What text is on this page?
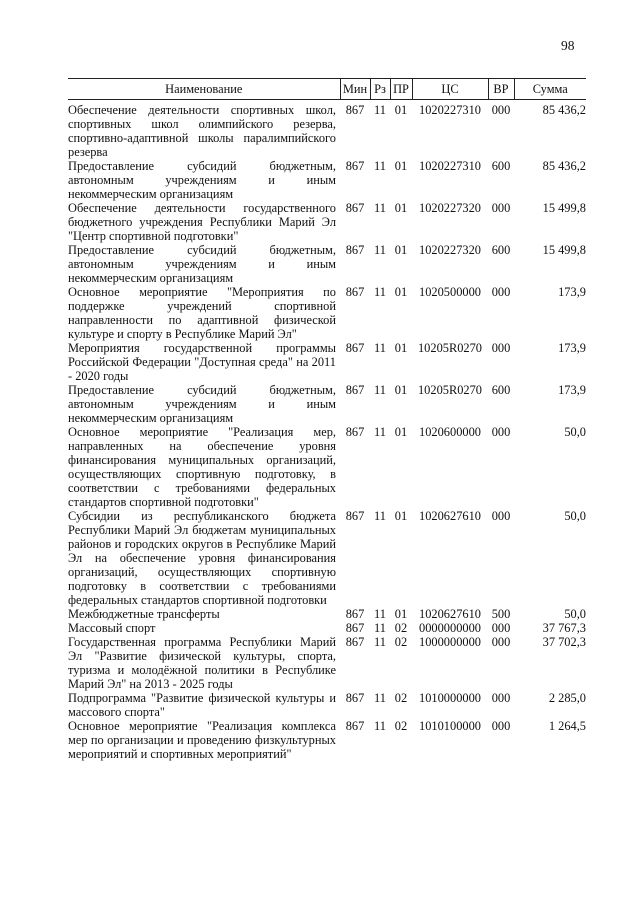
98
Наименование	Мин	Рз	ПР	ЦС	ВР	Сумма
Обеспечение деятельности спортивных школ, спортивных школ олимпийского резерва, спортивно-адаптивной школы паралимпийского резерва	867	11	01	1020227310	000	85 436,2
Предоставление субсидий бюджетным, автономным учреждениям и иным некоммерческим организациям	867	11	01	1020227310	600	85 436,2
Обеспечение деятельности государственного бюджетного учреждения Республики Марий Эл "Центр спортивной подготовки"	867	11	01	1020227320	000	15 499,8
Предоставление субсидий бюджетным, автономным учреждениям и иным некоммерческим организациям	867	11	01	1020227320	600	15 499,8
Основное мероприятие "Мероприятия по поддержке учреждений спортивной направленности по адаптивной физической культуре и спорту в Республике Марий Эл"	867	11	01	1020500000	000	173,9
Мероприятия государственной программы Российской Федерации "Доступная среда" на 2011 - 2020 годы	867	11	01	10205R0270	000	173,9
Предоставление субсидий бюджетным, автономным учреждениям и иным некоммерческим организациям	867	11	01	10205R0270	600	173,9
Основное мероприятие "Реализация мер, направленных на обеспечение уровня финансирования муниципальных организаций, осуществляющих спортивную подготовку, в соответствии с требованиями федеральных стандартов спортивной подготовки"	867	11	01	1020600000	000	50,0
Субсидии из республиканского бюджета Республики Марий Эл бюджетам муниципальных районов и городских округов в Республике Марий Эл на обеспечение уровня финансирования организаций, осуществляющих спортивную подготовку в соответствии с требованиями федеральных стандартов спортивной подготовки	867	11	01	1020627610	000	50,0
Межбюджетные трансферты	867	11	01	1020627610	500	50,0
Массовый спорт	867	11	02	0000000000	000	37 767,3
Государственная программа Республики Марий Эл "Развитие физической культуры, спорта, туризма и молодёжной политики в Республике Марий Эл" на 2013 - 2025 годы	867	11	02	1000000000	000	37 702,3
Подпрограмма "Развитие физической культуры и массового спорта"	867	11	02	1010000000	000	2 285,0
Основное мероприятие "Реализация комплекса мер по организации и проведению физкультурных мероприятий и спортивных мероприятий"	867	11	02	1010100000	000	1 264,5
